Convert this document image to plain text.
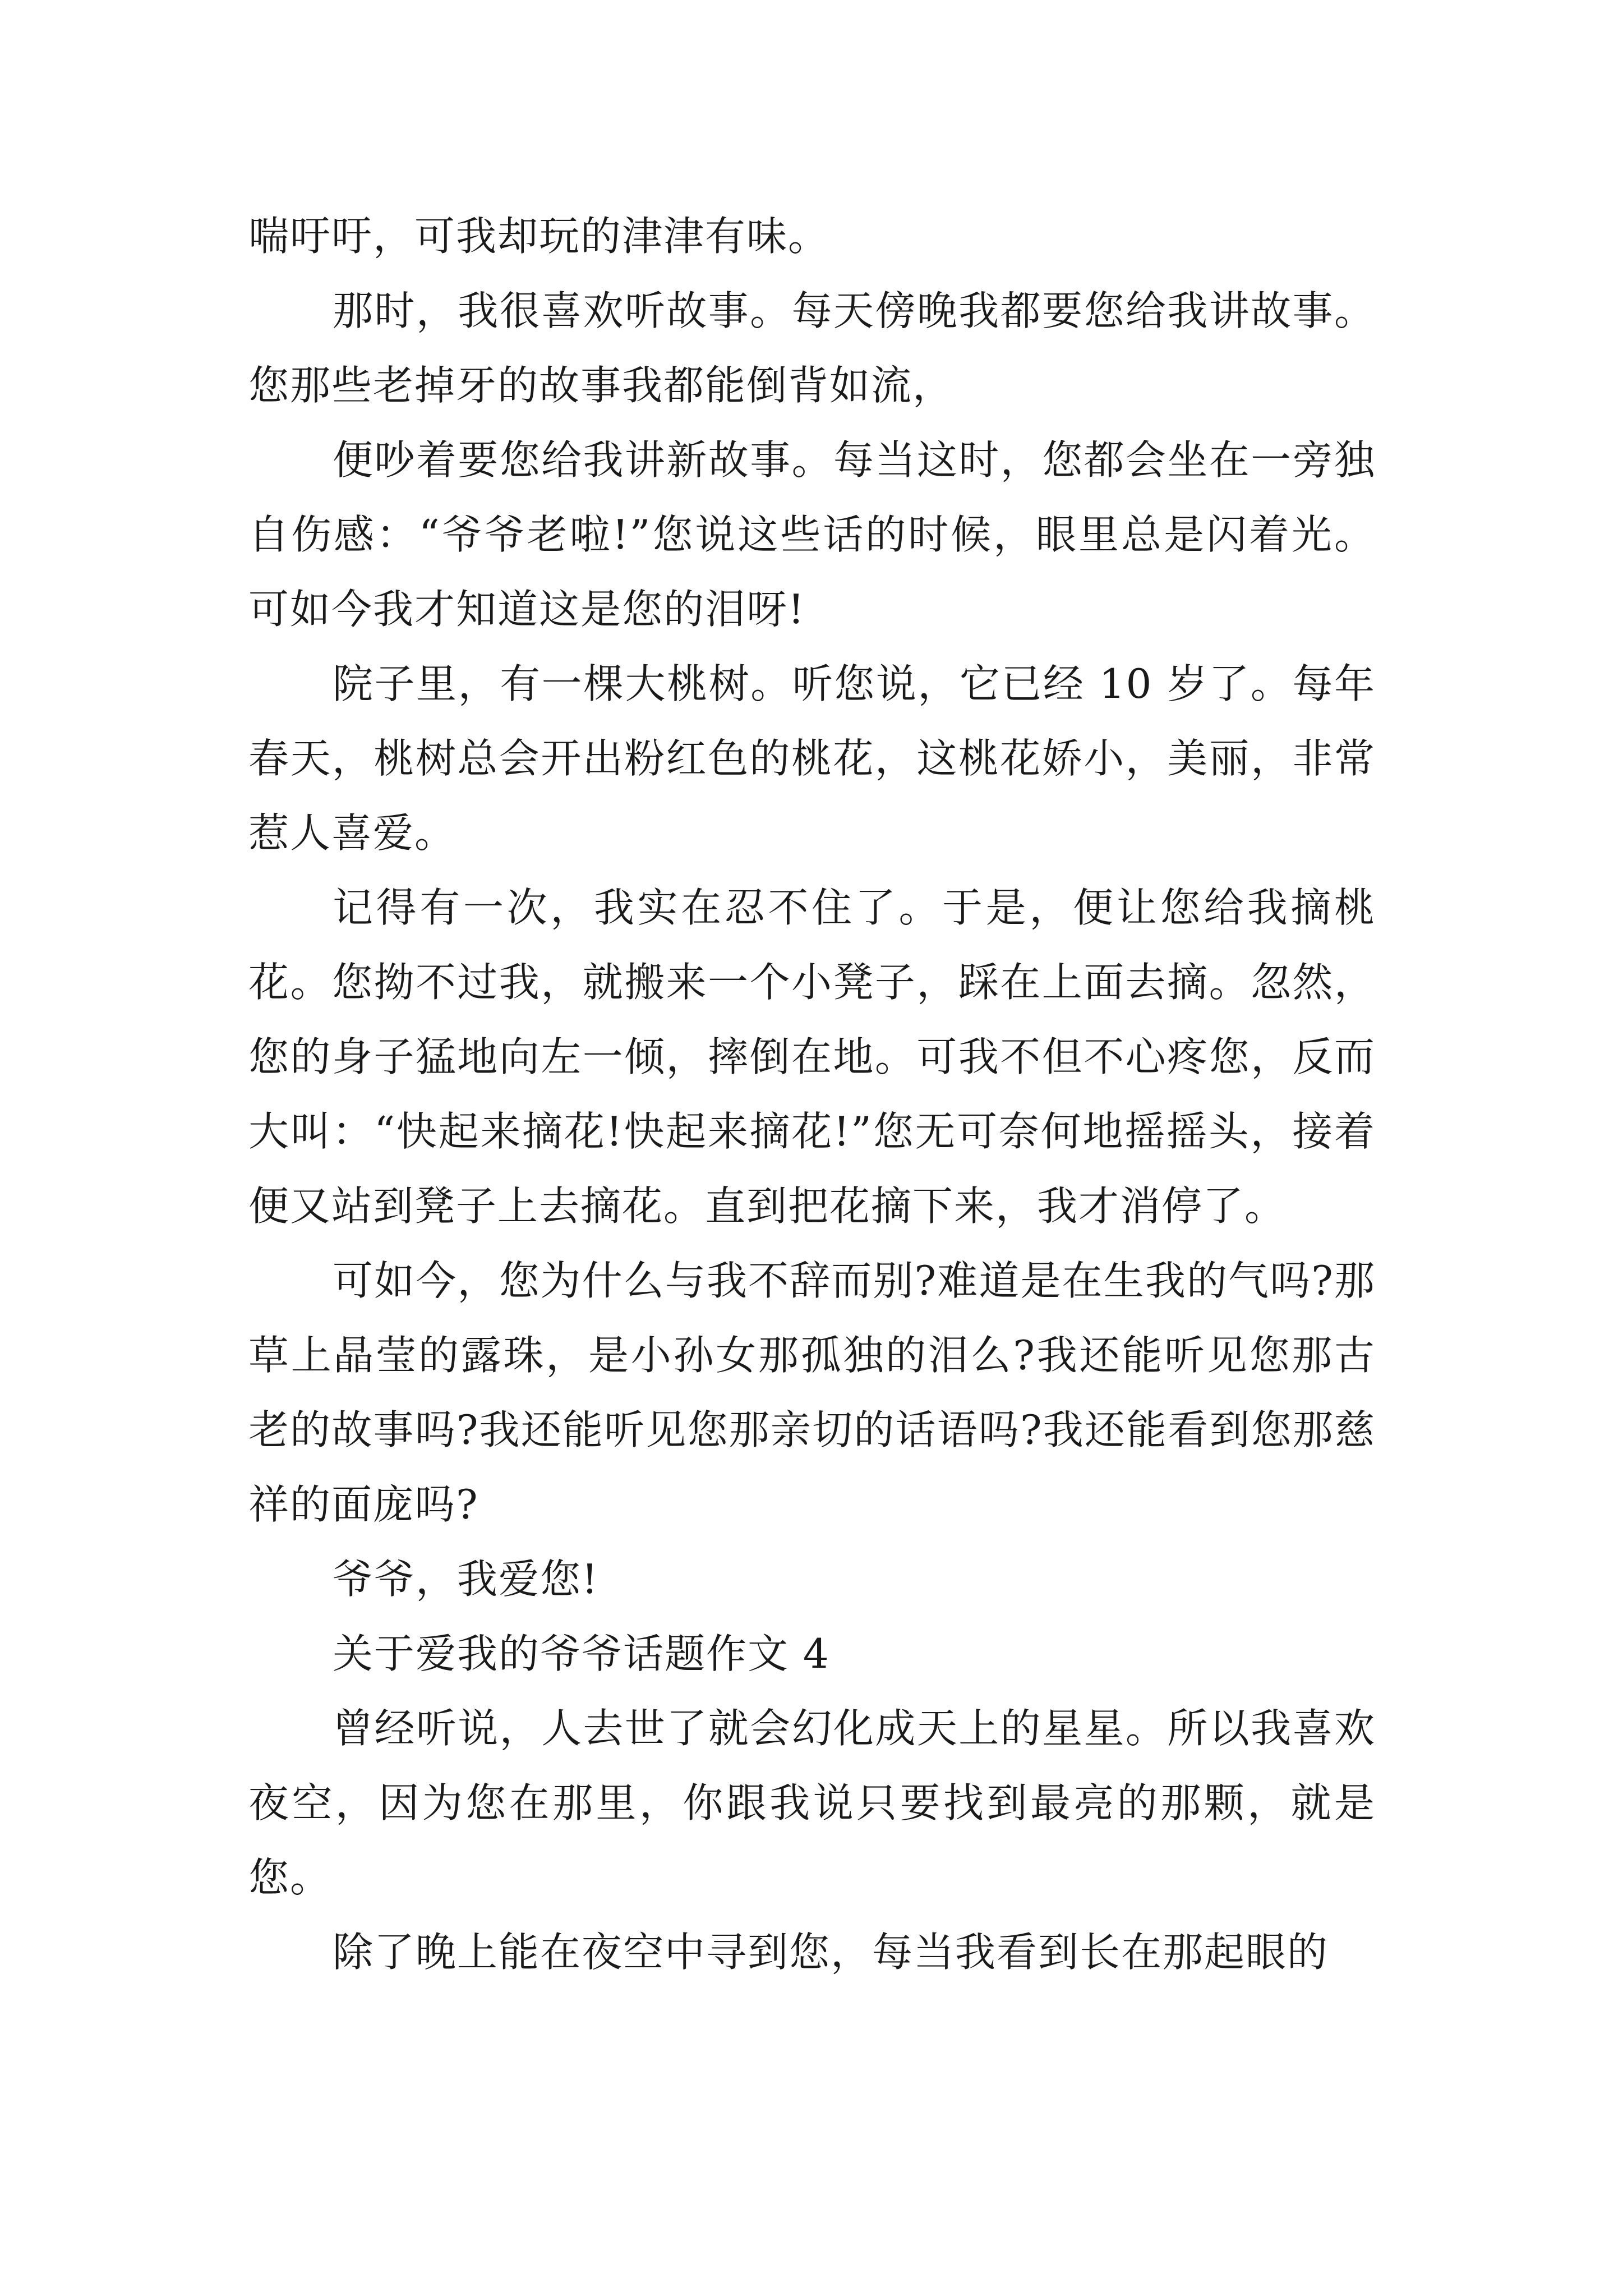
喘吁吁，可我却玩的津津有味。

那时，我很喜欢听故事。每天傍晚我都要您给我讲故事。您那些老掉牙的故事我都能倒背如流，

便吵着要您给我讲新故事。每当这时，您都会坐在一旁独自伤感：“爷爷老啦!”您说这些话的时候，眼里总是闪着光。可如今我才知道这是您的泪呀!

院子里，有一棵大桃树。听您说，它已经 10 岁了。每年春天，桃树总会开出粉红色的桃花，这桃花娇小，美丽，非常惹人喜爱。

记得有一次，我实在忍不住了。于是，便让您给我摘桃花。您拗不过我，就搬来一个小凳子，踩在上面去摘。忽然，您的身子猛地向左一倾，摔倒在地。可我不但不心疼您，反而大叫：“快起来摘花!快起来摘花!”您无可奈何地摇摇头，接着便又站到凳子上去摘花。直到把花摘下来，我才消停了。

可如今，您为什么与我不辞而别?难道是在生我的气吗?那草上晶莹的露珠，是小孙女那孤独的泪么?我还能听见您那古老的故事吗?我还能听见您那亲切的话语吗?我还能看到您那慈祥的面庞吗?

爷爷，我爱您!

关于爱我的爷爷话题作文 4

曾经听说，人去世了就会幻化成天上的星星。所以我喜欢夜空，因为您在那里，你跟我说只要找到最亮的那颗，就是您。

除了晚上能在夜空中寻到您，每当我看到长在那起眼的
